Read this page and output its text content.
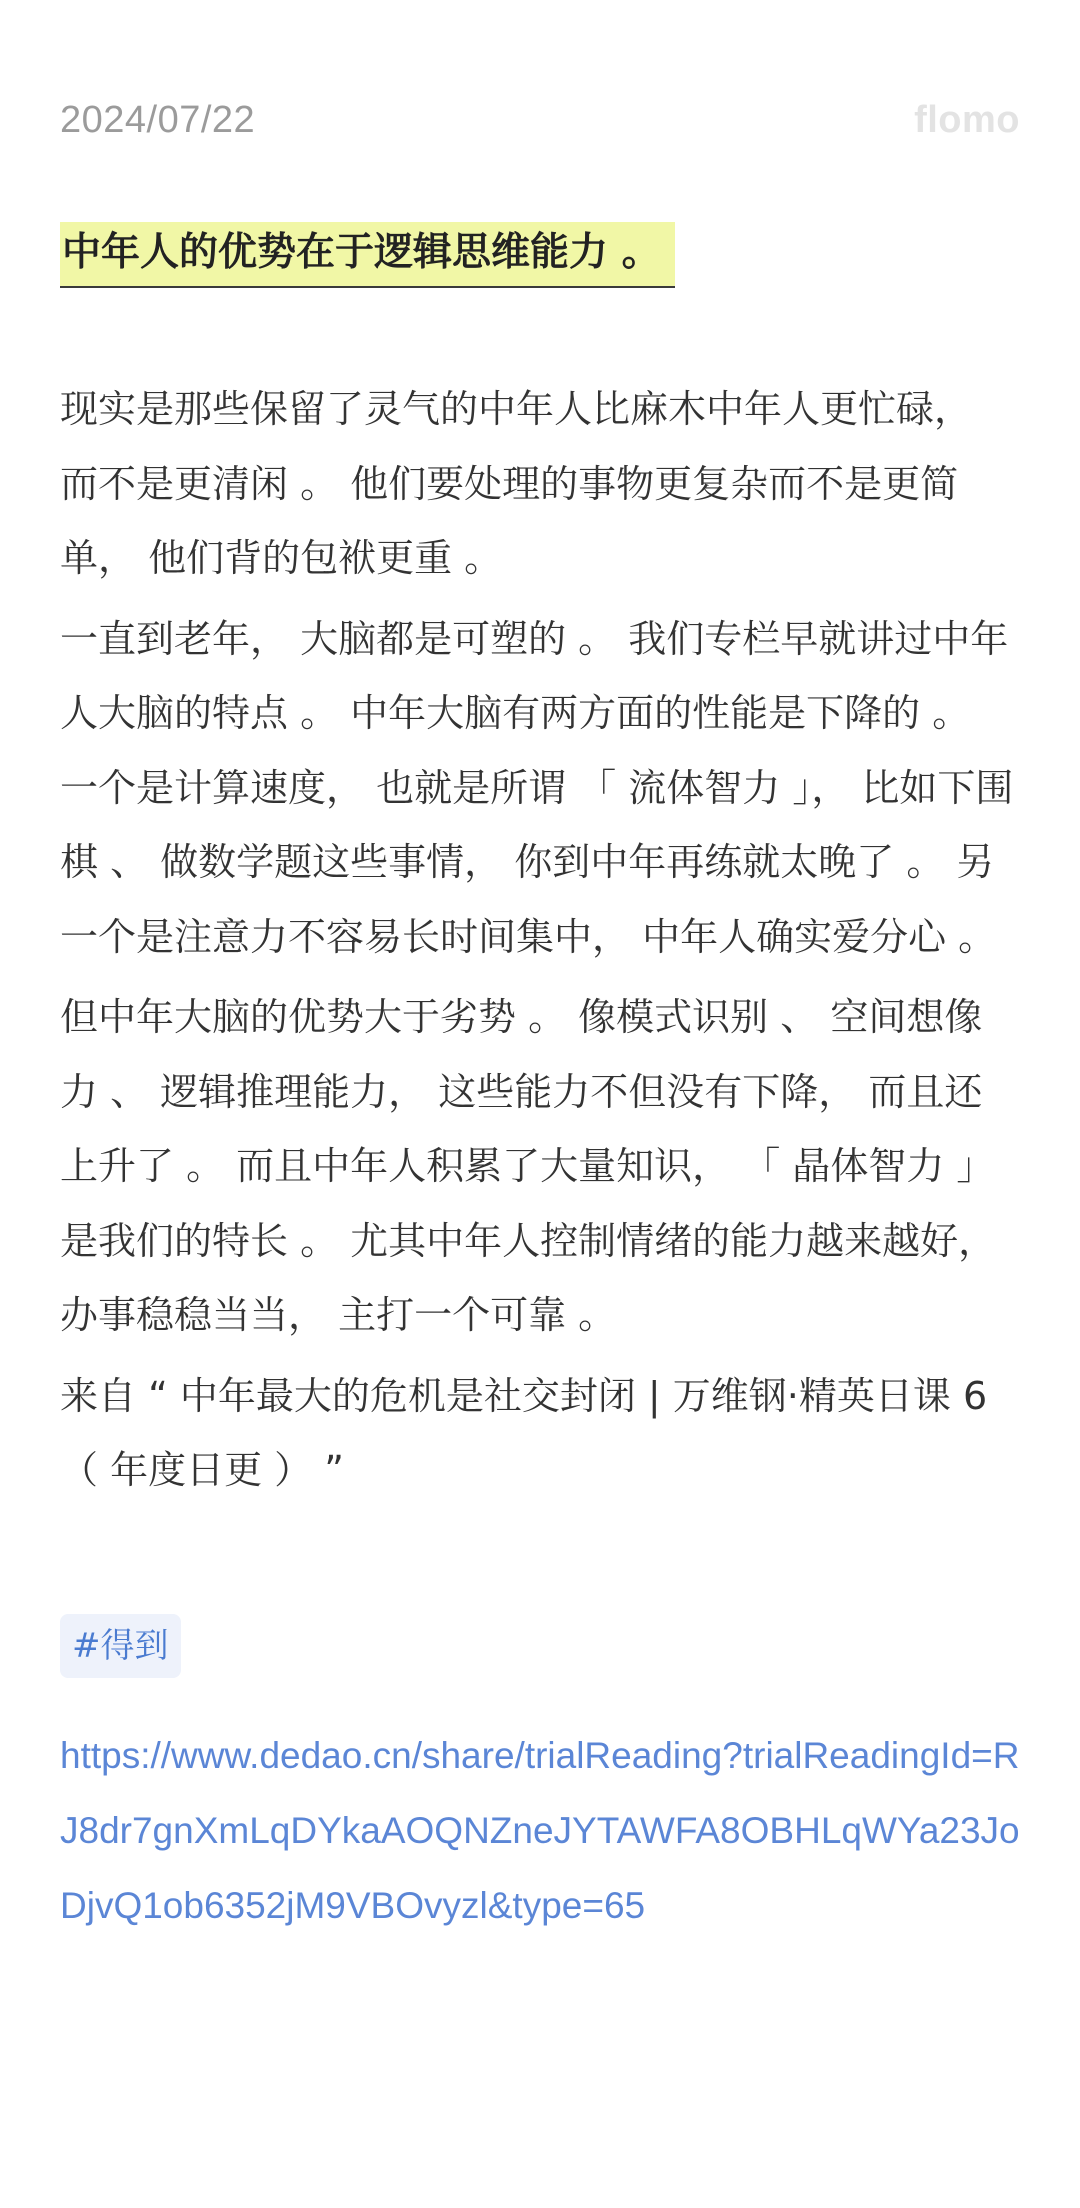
2024/07/22	flomo
中年人的优势在于逻辑思维能力 。

现实是那些保留了灵气的中年人比麻木中年人更忙碌， 而不是更清闲 。 他们要处理的事物更复杂而不是更简单， 他们背的包袱更重 。

一直到老年， 大脑都是可塑的 。 我们专栏早就讲过中年人大脑的特点 。 中年大脑有两方面的性能是下降的 。 一个是计算速度， 也就是所谓 「 流体智力 」， 比如下围棋 、 做数学题这些事情， 你到中年再练就太晚了 。 另一个是注意力不容易长时间集中， 中年人确实爱分心 。

但中年大脑的优势大于劣势 。 像模式识别 、 空间想像力 、 逻辑推理能力， 这些能力不但没有下降， 而且还上升了 。 而且中年人积累了大量知识， 「 晶体智力 」 是我们的特长 。 尤其中年人控制情绪的能力越来越好， 办事稳稳当当， 主打一个可靠 。

来自 “ 中年最大的危机是社交封闭 | 万维钢·精英日课 6 （ 年度日更 ） ”

#得到
https://www.dedao.cn/share/trialReading?trialReadingId=RJ8dr7gnXmLqDYkaAOQNZneJYTAWFA8OBHLqWYa23JoDjvQ1ob6352jM9VBOvyzl&type=65
